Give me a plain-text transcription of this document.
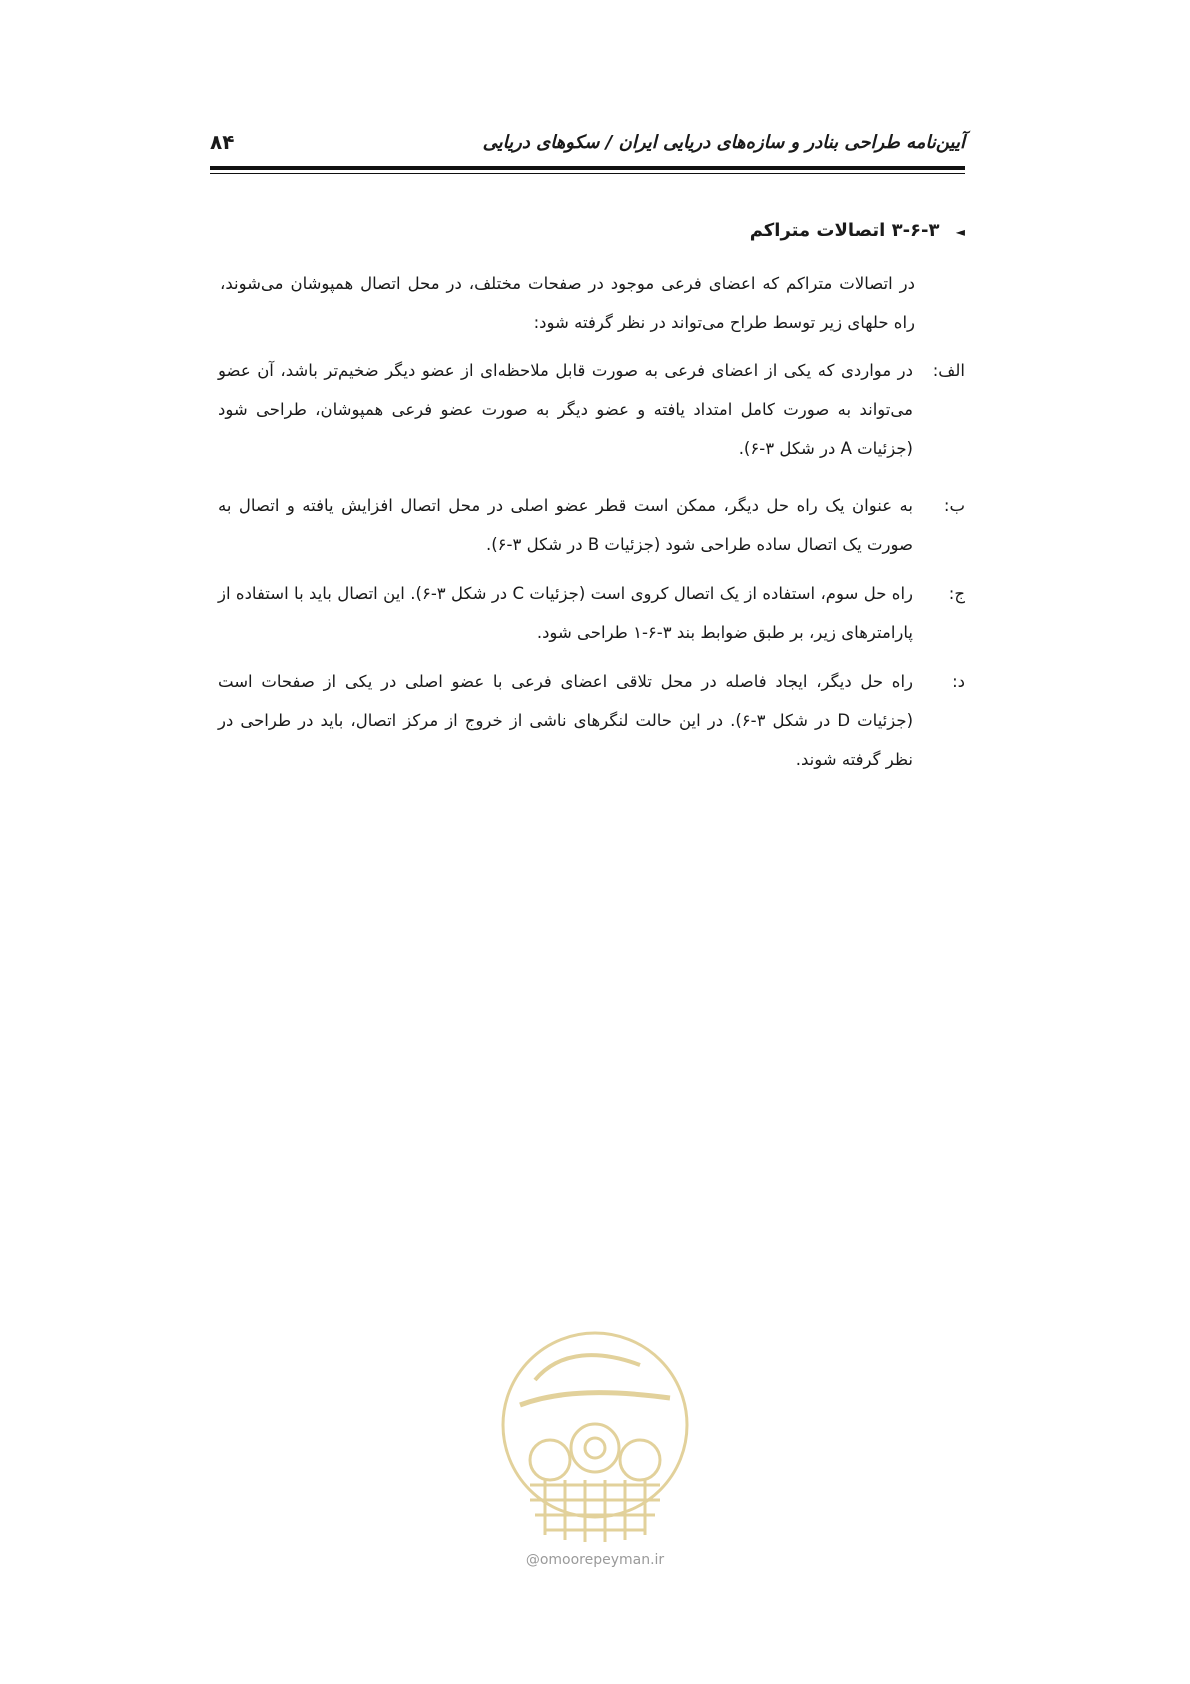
۸۴	آیین‌نامه طراحی بنادر و سازه‌های دریایی ایران / سکوهای دریایی
◄ ۳-۶-۳ اتصالات متراکم
در اتصالات متراکم که اعضای فرعی موجود در صفحات مختلف، در محل اتصال همپوشان می‌شوند، راه حلهای زیر توسط طراح می‌تواند در نظر گرفته شود:
الف:
در مواردی که یکی از اعضای فرعی به صورت قابل ملاحظه‌ای از عضو دیگر ضخیم‌تر باشد، آن عضو می‌تواند به صورت کامل امتداد یافته و عضو دیگر به صورت عضو فرعی همپوشان، طراحی شود (جزئیات A در شکل ۳-۶).
ب:
به عنوان یک راه حل دیگر، ممکن است قطر عضو اصلی در محل اتصال افزایش یافته و اتصال به صورت یک اتصال ساده طراحی شود (جزئیات B در شکل ۳-۶).
ج:
راه حل سوم، استفاده از یک اتصال کروی است (جزئیات C در شکل ۳-۶). این اتصال باید با استفاده از پارامترهای زیر، بر طبق ضوابط بند ۳-۶-۱ طراحی شود.
د:
راه حل دیگر، ایجاد فاصله در محل تلاقی اعضای فرعی با عضو اصلی در یکی از صفحات است (جزئیات D در شکل ۳-۶). در این حالت لنگرهای ناشی از خروج از مرکز اتصال، باید در طراحی در نظر گرفته شوند.
@omoorepeyman.ir
